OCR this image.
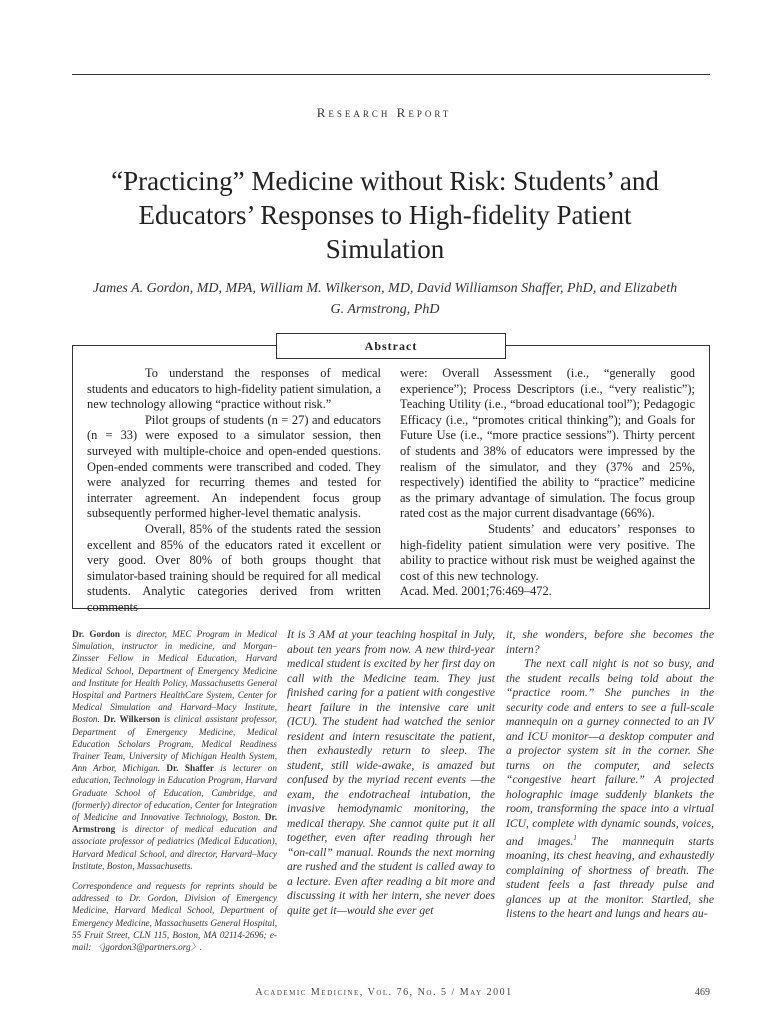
Research Report
“Practicing” Medicine without Risk: Students’ and Educators’ Responses to High-fidelity Patient Simulation
James A. Gordon, MD, MPA, William M. Wilkerson, MD, David Williamson Shaffer, PhD, and Elizabeth G. Armstrong, PhD
Abstract

To understand the responses of medical students and educators to high-fidelity patient simulation, a new technology allowing “practice without risk.”

Pilot groups of students (n = 27) and educators (n = 33) were exposed to a simulator session, then surveyed with multiple-choice and open-ended questions. Open-ended comments were transcribed and coded. They were analyzed for recurring themes and tested for interrater agreement. An independent focus group subsequently performed higher-level thematic analysis.

Overall, 85% of the students rated the session excellent and 85% of the educators rated it excellent or very good. Over 80% of both groups thought that simulator-based training should be required for all medical students. Analytic categories derived from written comments

were: Overall Assessment (i.e., “generally good experience”); Process Descriptors (i.e., “very realistic”); Teaching Utility (i.e., “broad educational tool”); Pedagogic Efficacy (i.e., “promotes critical thinking”); and Goals for Future Use (i.e., “more practice sessions”). Thirty percent of students and 38% of educators were impressed by the realism of the simulator, and they (37% and 25%, respectively) identified the ability to “practice” medicine as the primary advantage of simulation. The focus group rated cost as the major current disadvantage (66%).

Students’ and educators’ responses to high-fidelity patient simulation were very positive. The ability to practice without risk must be weighed against the cost of this new technology.

Acad. Med. 2001;76:469–472.

Dr. Gordon is director, MEC Program in Medical Simulation, instructor in medicine, and Morgan–Zinsser Fellow in Medical Education, Harvard Medical School, Department of Emergency Medicine and Institute for Health Policy, Massachusetts General Hospital and Partners HealthCare System, Center for Medical Simulation and Harvard–Macy Institute, Boston. Dr. Wilkerson is clinical assistant professor, Department of Emergency Medicine, Medical Education Scholars Program, Medical Readiness Trainer Team, University of Michigan Health System, Ann Arbor, Michigan. Dr. Shaffer is lecturer on education, Technology in Education Program, Harvard Graduate School of Education, Cambridge, and (formerly) director of education, Center for Integration of Medicine and Innovative Technology, Boston. Dr. Armstrong is director of medical education and associate professor of pediatrics (Medical Education), Harvard Medical School, and director, Harvard–Macy Institute, Boston, Massachusetts.

Correspondence and requests for reprints should be addressed to Dr. Gordon, Division of Emergency Medicine, Harvard Medical School, Department of Emergency Medicine, Massachusetts General Hospital, 55 Fruit Street, CLN 115, Boston, MA 02114-2696; e-mail: 〈jgordon3@partners.org〉.

It is 3 AM at your teaching hospital in July, about ten years from now. A new third-year medical student is excited by her first day on call with the Medicine team. They just finished caring for a patient with congestive heart failure in the intensive care unit (ICU). The student had watched the senior resident and intern resuscitate the patient, then exhaustedly return to sleep. The student, still wide-awake, is amazed but confused by the myriad recent events —the exam, the endotracheal intubation, the invasive hemodynamic monitoring, the medical therapy. She cannot quite put it all together, even after reading through her “on-call” manual. Rounds the next morning are rushed and the student is called away to a lecture. Even after reading a bit more and discussing it with her intern, she never does quite get it—would she ever get

it, she wonders, before she becomes the intern?

The next call night is not so busy, and the student recalls being told about the “practice room.” She punches in the security code and enters to see a full-scale mannequin on a gurney connected to an IV and ICU monitor—a desktop computer and a projector system sit in the corner. She turns on the computer, and selects “congestive heart failure.” A projected holographic image suddenly blankets the room, transforming the space into a virtual ICU, complete with dynamic sounds, voices, and images.$^1$ The mannequin starts moaning, its chest heaving, and exhaustedly complaining of shortness of breath. The student feels a fast thready pulse and glances up at the monitor. Startled, she listens to the heart and lungs and hears au-

Academic Medicine, Vol. 76, No. 5 / May 2001	469
